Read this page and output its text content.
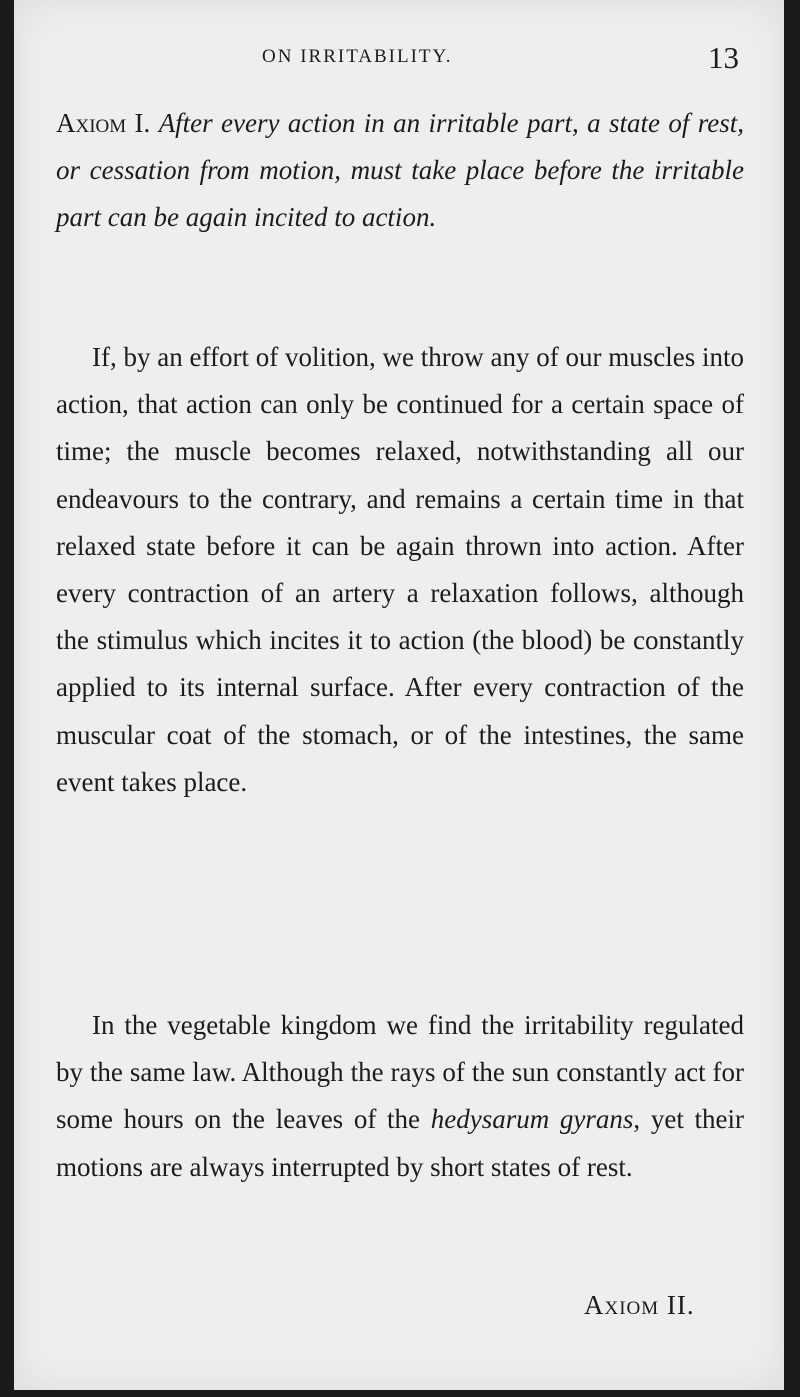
ON IRRITABILITY.	13

Axiom I. After every action in an irritable part, a state of rest, or cessation from motion, must take place before the irritable part can be again incited to action.

If, by an effort of volition, we throw any of our muscles into action, that action can only be continued for a certain space of time; the muscle becomes relaxed, notwithstanding all our endeavours to the contrary, and remains a certain time in that relaxed state before it can be again thrown into action. After every contraction of an artery a relaxation follows, although the stimulus which incites it to action (the blood) be constantly applied to its internal surface. After every contraction of the muscular coat of the stomach, or of the intestines, the same event takes place.

In the vegetable kingdom we find the irritability regulated by the same law. Although the rays of the sun constantly act for some hours on the leaves of the hedysarum gyrans, yet their motions are always interrupted by short states of rest.

Axiom II.
